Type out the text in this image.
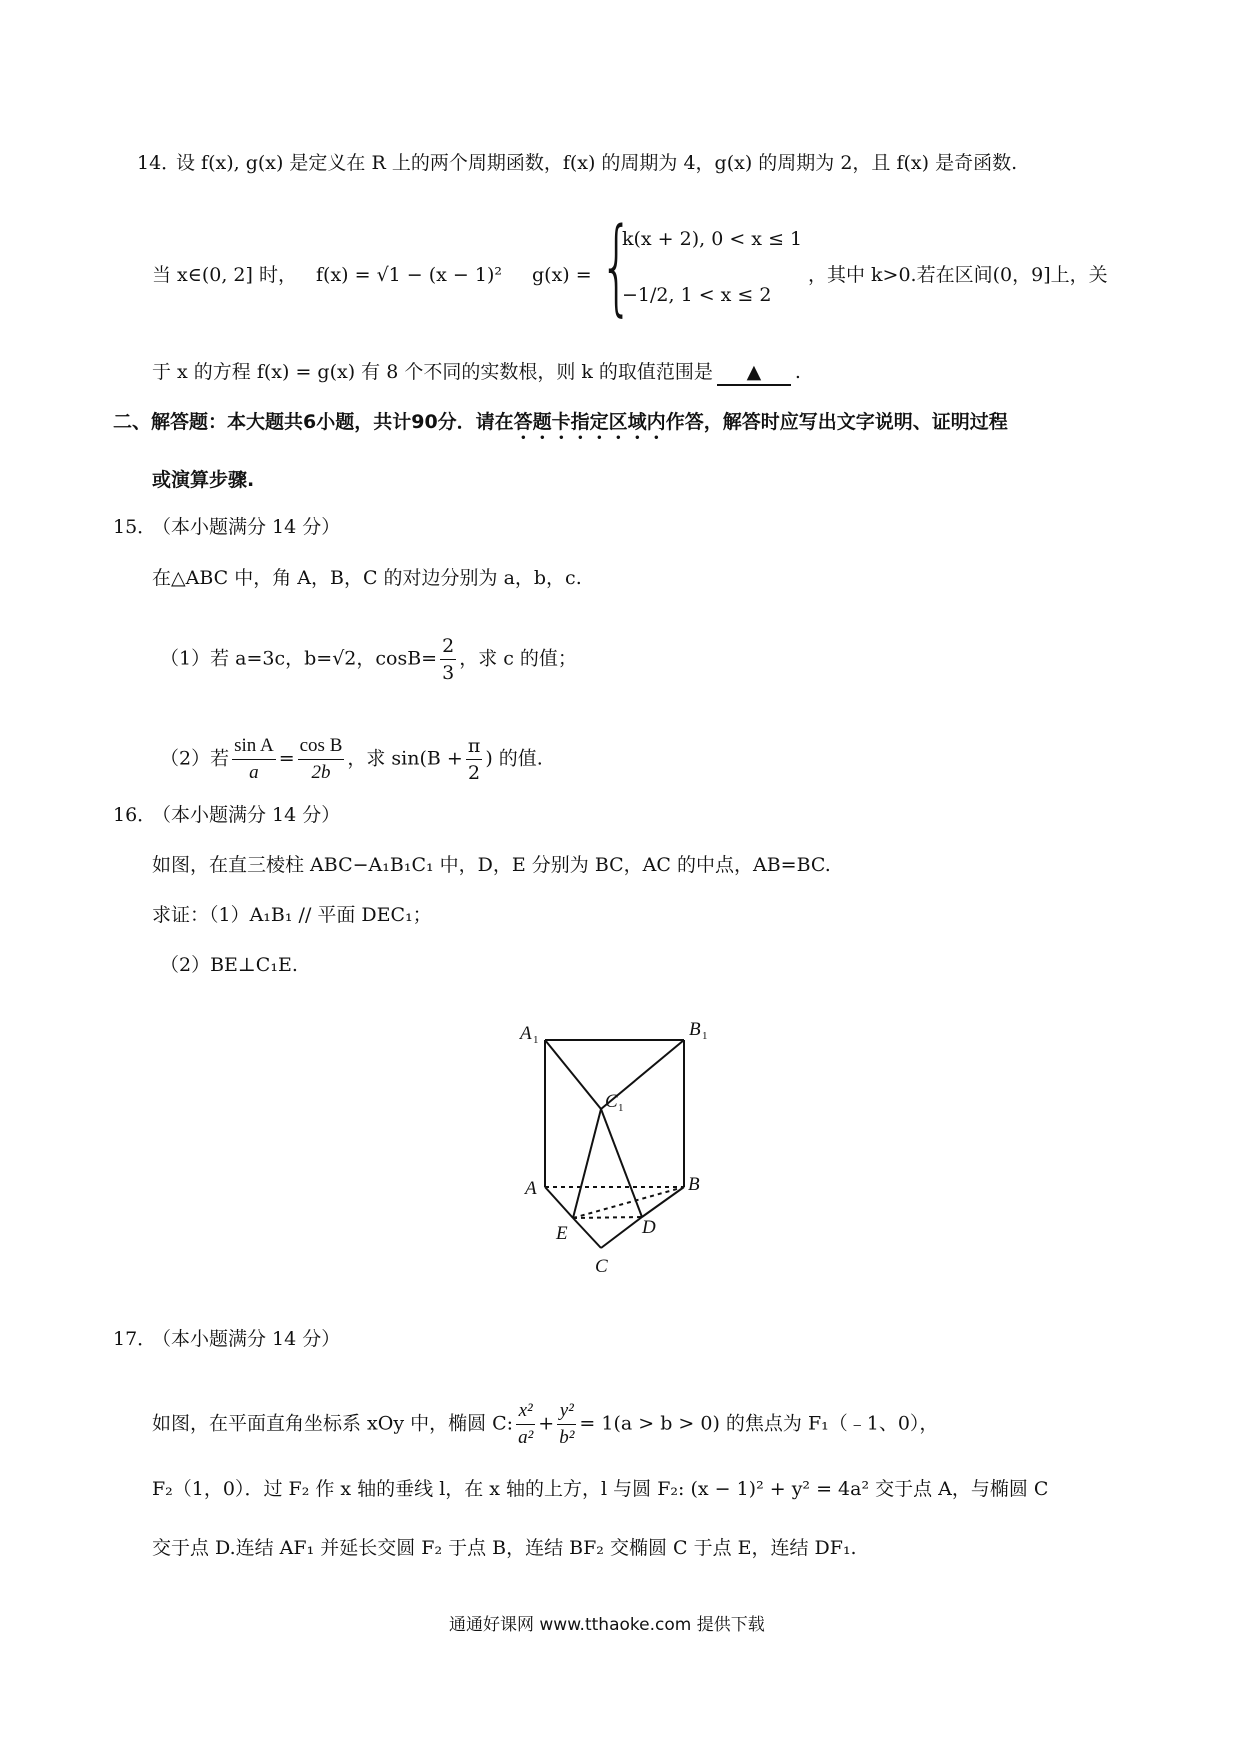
14．
设 f(x), g(x) 是定义在 R 上的两个周期函数，f(x) 的周期为 4，g(x) 的周期为 2，且 f(x) 是奇函数.
当 x∈(0, 2] 时， f(x) = √1 − (x − 1)² g(x) = {
k(x + 2), 0 < x ≤ 1
−1/2, 1 < x ≤ 2
，其中 k>0.若在区间(0，9]上，关
于 x 的方程 f(x) = g(x) 有 8 个不同的实数根，则 k 的取值范围是 ▲ .
二、解答题：本大题共6小题，共计90分．请在答题卡指定区域内作答，解答时应写出文字说明、证明过程
或演算步骤.
15．
（本小题满分 14 分）
在△ABC 中，角 A，B，C 的对边分别为 a，b，c.
（1）若 a=3c，b=√2，$\cos B= \frac{2}{3}$ ，求 c 的值；
（2）若 $\frac{\text{sin A}}{a} = \frac{\text{cos B}}{2b}$ ，求 $\sin(B + \frac{\pi}{2}$ ) 的值.
16．
（本小题满分 14 分）
如图，在直三棱柱 ABC−A₁B₁C₁ 中，D，E 分别为 BC，AC 的中点，AB=BC.
求证：（1）A₁B₁ // 平面 DEC₁；
（2）BE⊥C₁E.
A 1	B 1
C 1
A	B
E	D
C
17．
（本小题满分 14 分）
如图，在平面直角坐标系 xOy 中，椭圆 C: $\frac{\text{x²}}{\text{a²}} + \frac{\text{y²}}{\text{b²}} = 1(a > b > 0)$ 的焦点为 F₁（﹣1、0），
F₂（1，0）．过 F₂ 作 x 轴的垂线 l，在 x 轴的上方，l 与圆 F₂: (x − 1)² + y² = 4a² 交于点 A，与椭圆 C
交于点 D.连结 AF₁ 并延长交圆 F₂ 于点 B，连结 BF₂ 交椭圆 C 于点 E，连结 DF₁.
通通好课网 www.tthaoke.com 提供下载
